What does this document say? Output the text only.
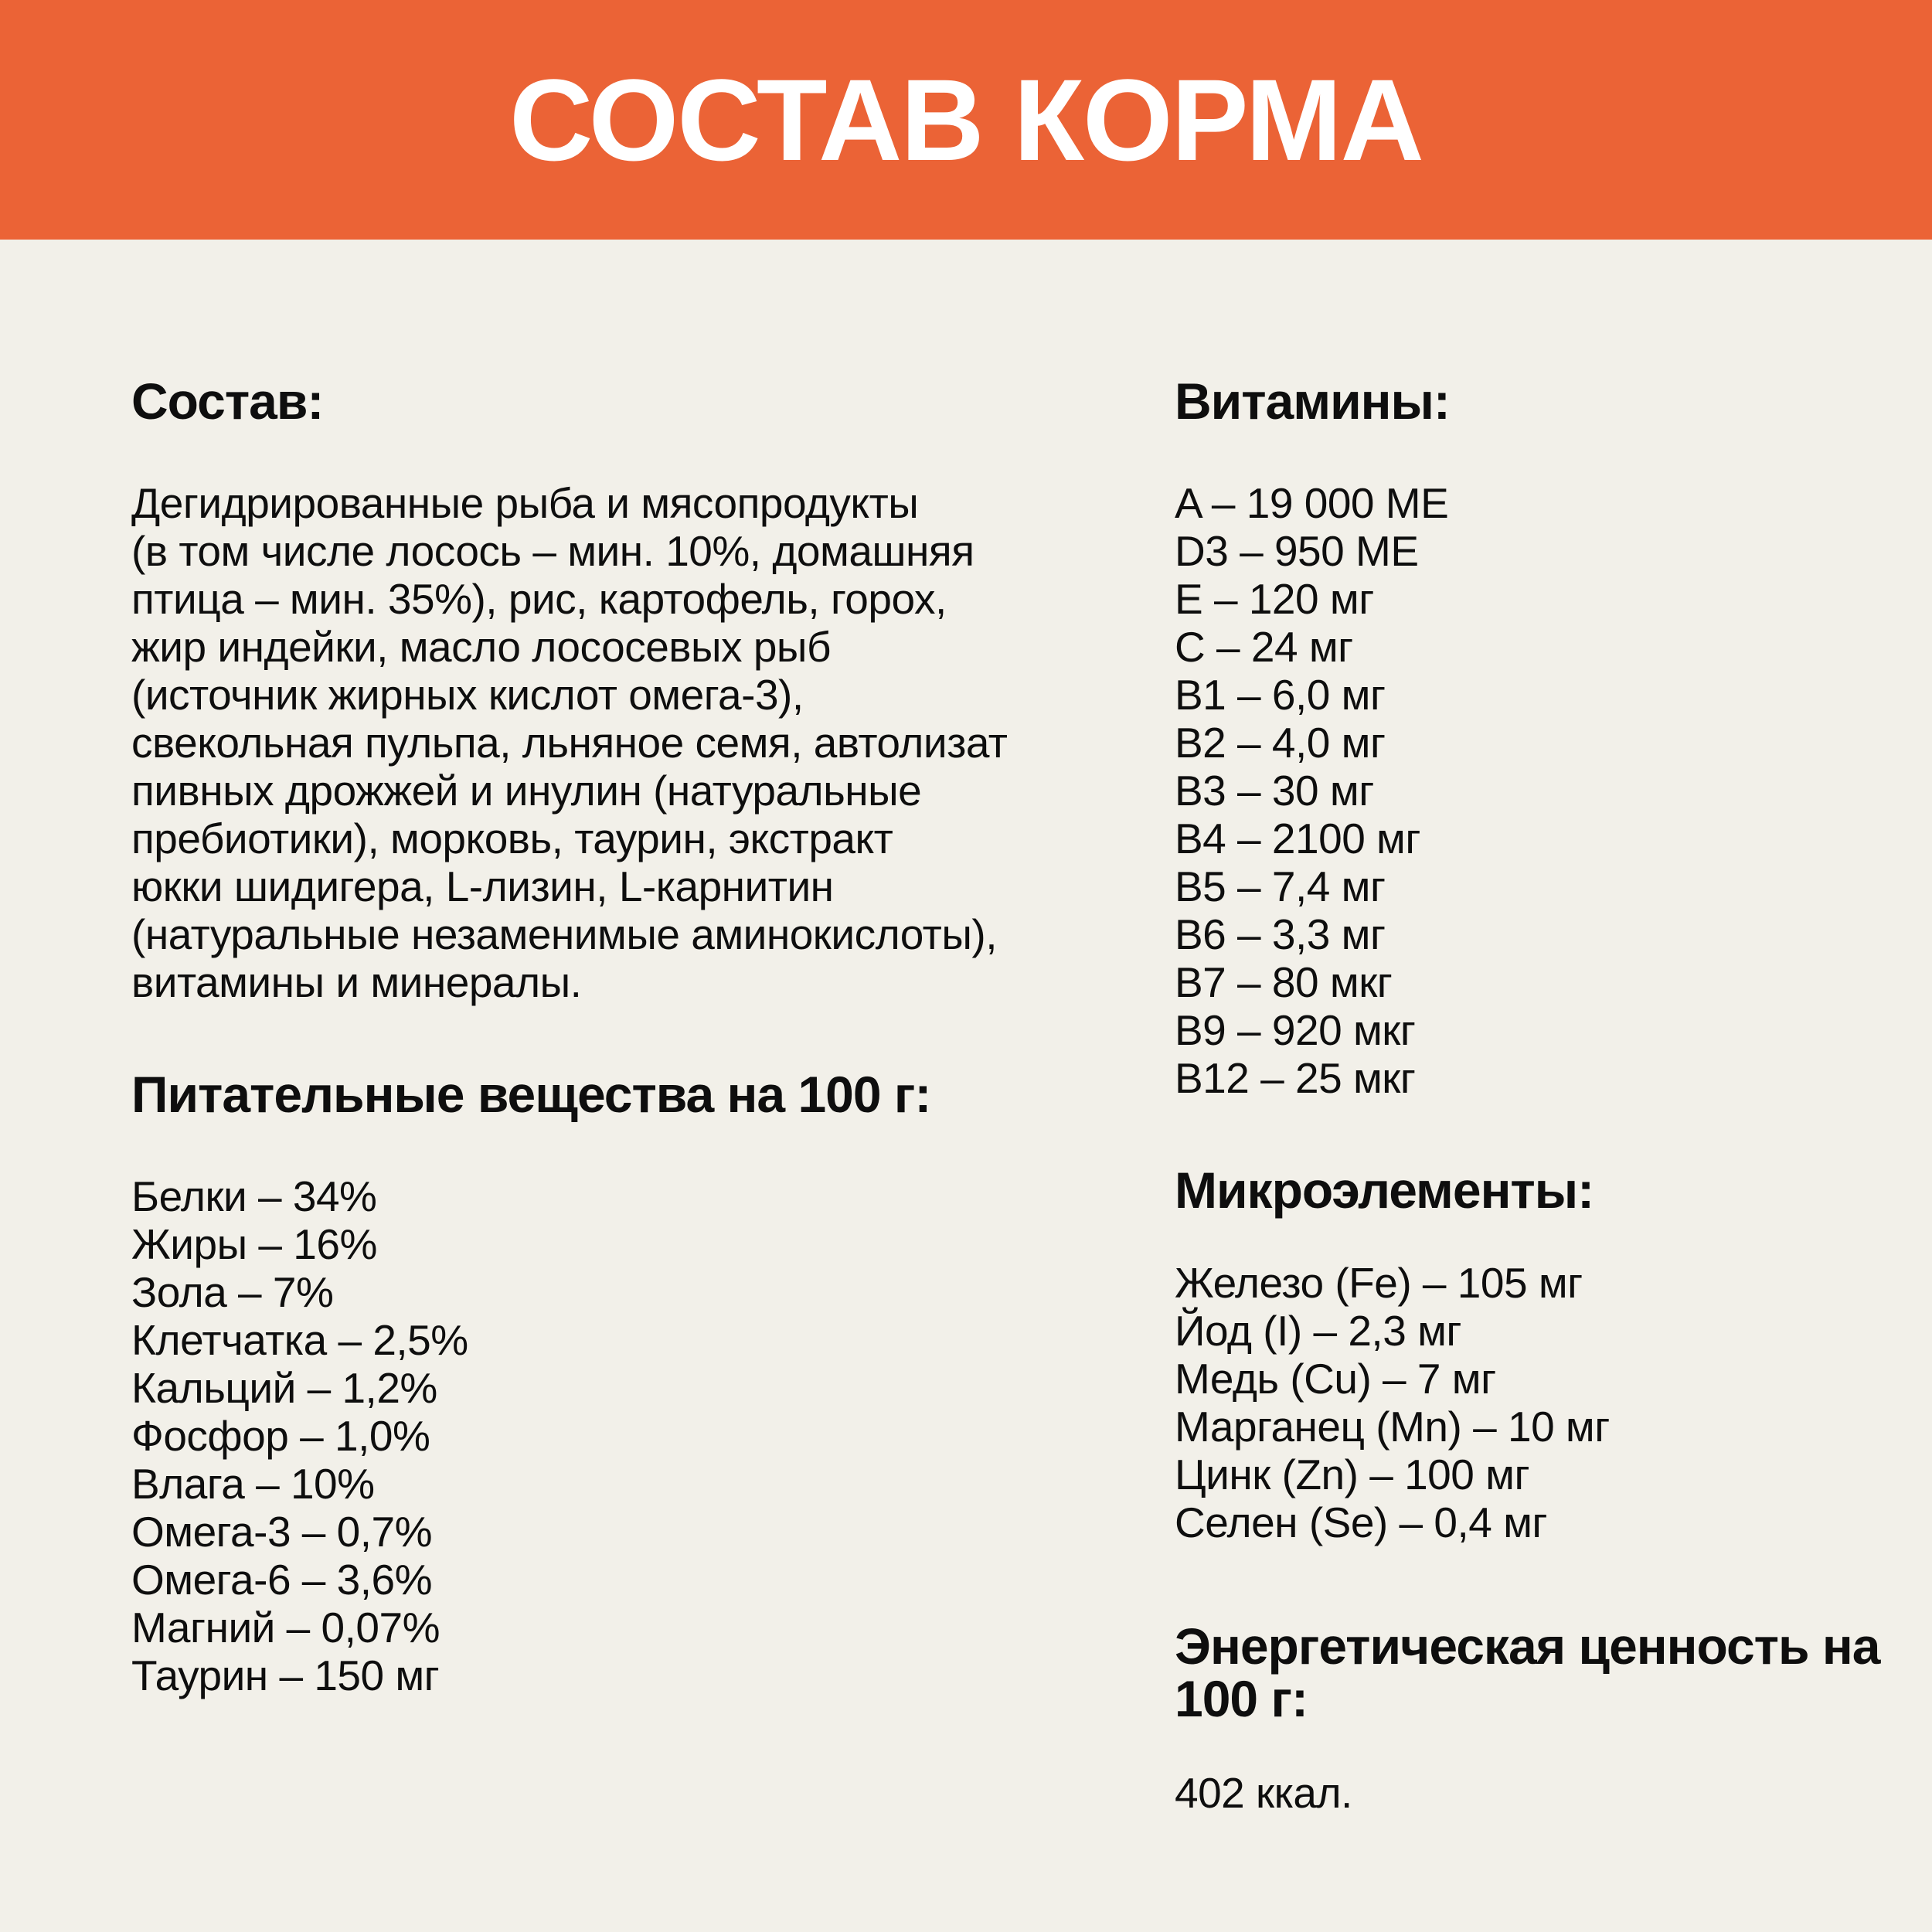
СОСТАВ КОРМА
Состав:
Дегидрированные рыба и мясопродукты
(в том числе лосось – мин. 10%, домашняя
птица – мин. 35%), рис, картофель, горох,
жир индейки, масло лососевых рыб
(источник жирных кислот омега-3),
свекольная пульпа, льняное семя, автолизат
пивных дрожжей и инулин (натуральные
пребиотики), морковь, таурин, экстракт
юкки шидигера, L-лизин, L-карнитин
(натуральные незаменимые аминокислоты),
витамины и минералы.
Питательные вещества на 100 г:
Белки – 34%
Жиры – 16%
Зола – 7%
Клетчатка – 2,5%
Кальций – 1,2%
Фосфор – 1,0%
Влага – 10%
Омега-3 – 0,7%
Омега-6 – 3,6%
Магний – 0,07%
Таурин – 150 мг
Витамины:
A – 19 000 МЕ
D3 – 950 МЕ
E – 120 мг
C – 24 мг
B1 – 6,0 мг
B2 – 4,0 мг
B3 – 30 мг
B4 – 2100 мг
B5 – 7,4 мг
B6 – 3,3 мг
B7 – 80 мкг
B9 – 920 мкг
B12 – 25 мкг
Микроэлементы:
Железо (Fe) – 105 мг
Йод (I) – 2,3 мг
Медь (Cu) – 7 мг
Марганец (Mn) – 10 мг
Цинк (Zn) – 100 мг
Селен (Se) – 0,4 мг
Энергетическая ценность на 100 г:

402 ккал.
